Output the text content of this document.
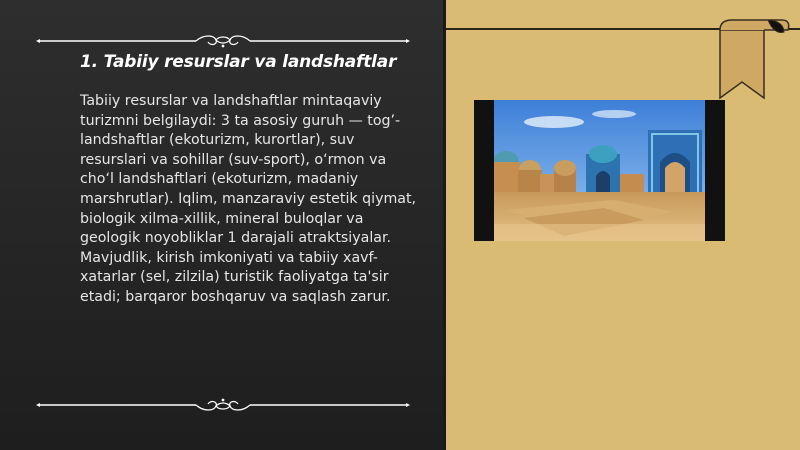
1. Tabiiy resurslar va landshaftlar

Tabiiy resurslar va landshaftlar mintaqaviy turizmni belgilaydi: 3 ta asosiy guruh — tog’-landshaftlar (ekoturizm, kurortlar), suv resurslari va sohillar (suv-sport), o‘rmon va cho‘l landshaftlari (ekoturizm, madaniy marshrutlar). Iqlim, manzaraviy estetik qiymat, biologik xilma-xillik, mineral buloqlar va geologik noyobliklar 1 darajali atraktsiyalar. Mavjudlik, kirish imkoniyati va tabiiy xavf-xatarlar (sel, zilzila) turistik faoliyatga ta'sir etadi; barqaror boshqaruv va saqlash zarur.
